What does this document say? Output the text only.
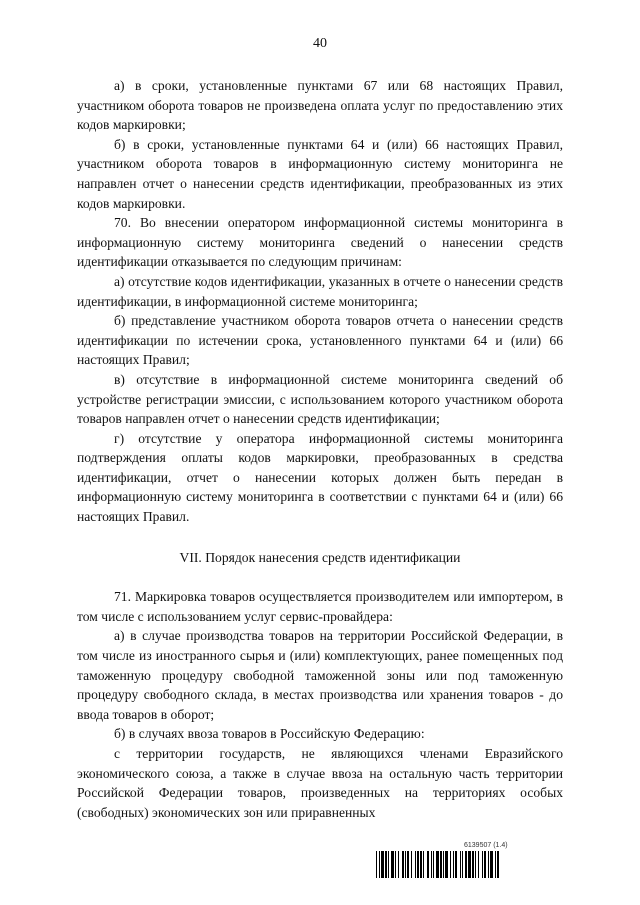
40

а) в сроки, установленные пунктами 67 или 68 настоящих Правил, участником оборота товаров не произведена оплата услуг по предоставлению этих кодов маркировки;

б) в сроки, установленные пунктами 64 и (или) 66 настоящих Правил, участником оборота товаров в информационную систему мониторинга не направлен отчет о нанесении средств идентификации, преобразованных из этих кодов маркировки.

70. Во внесении оператором информационной системы мониторинга в информационную систему мониторинга сведений о нанесении средств идентификации отказывается по следующим причинам:

а) отсутствие кодов идентификации, указанных в отчете о нанесении средств идентификации, в информационной системе мониторинга;

б) представление участником оборота товаров отчета о нанесении средств идентификации по истечении срока, установленного пунктами 64 и (или) 66 настоящих Правил;

в) отсутствие в информационной системе мониторинга сведений об устройстве регистрации эмиссии, с использованием которого участником оборота товаров направлен отчет о нанесении средств идентификации;

г) отсутствие у оператора информационной системы мониторинга подтверждения оплаты кодов маркировки, преобразованных в средства идентификации, отчет о нанесении которых должен быть передан в информационную систему мониторинга в соответствии с пунктами 64 и (или) 66 настоящих Правил.

VII. Порядок нанесения средств идентификации

71. Маркировка товаров осуществляется производителем или импортером, в том числе с использованием услуг сервис-провайдера:

а) в случае производства товаров на территории Российской Федерации, в том числе из иностранного сырья и (или) комплектующих, ранее помещенных под таможенную процедуру свободной таможенной зоны или под таможенную процедуру свободного склада, в местах производства или хранения товаров - до ввода товаров в оборот;

б) в случаях ввоза товаров в Российскую Федерацию:

с территории государств, не являющихся членами Евразийского экономического союза, а также в случае ввоза на остальную часть территории Российской Федерации товаров, произведенных на территориях особых (свободных) экономических зон или приравненных

6139507 (1.4)
